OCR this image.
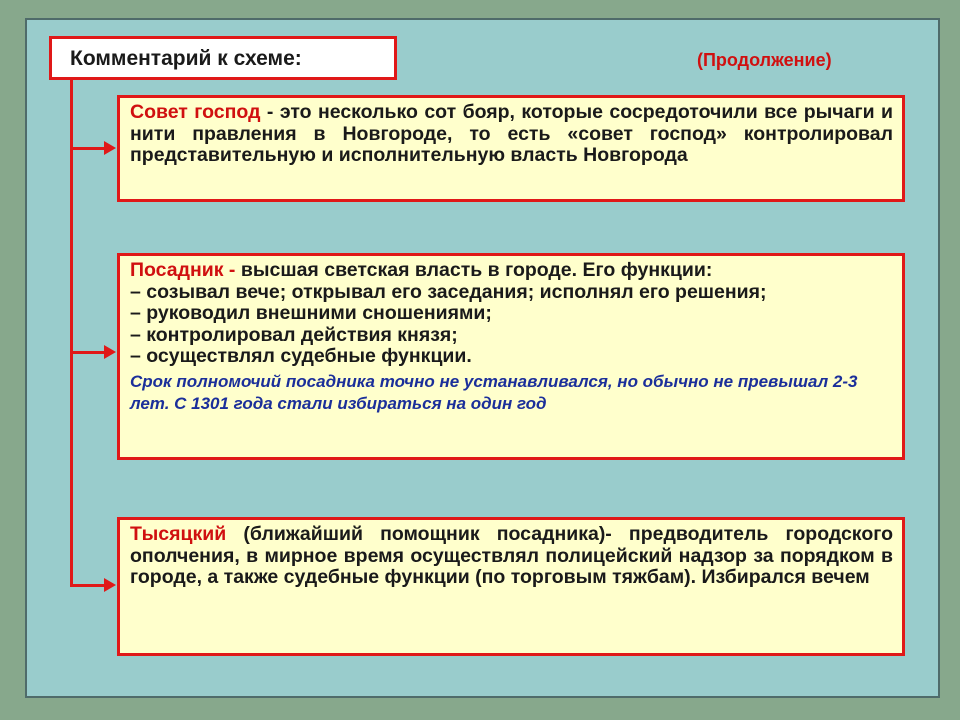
Комментарий к схеме:	(Продолжение)
Совет господ - это несколько сот бояр, которые сосредоточили все рычаги и нити правления в Новгороде, то есть «совет господ» контролировал представительную и исполнительную власть Новгорода
Посадник - высшая светская власть в городе. Его функции:
– созывал вече; открывал его заседания; исполнял его решения;
– руководил внешними сношениями;
– контролировал действия князя;
– осуществлял судебные функции.
Срок полномочий посадника точно не устанавливался, но обычно не превышал 2-3 лет. С 1301 года стали избираться на один год
Тысяцкий (ближайший помощник посадника)- предводитель городского ополчения, в мирное время осуществлял полицейский надзор за порядком в городе, а также судебные функции (по торговым тяжбам). Избирался вечем
